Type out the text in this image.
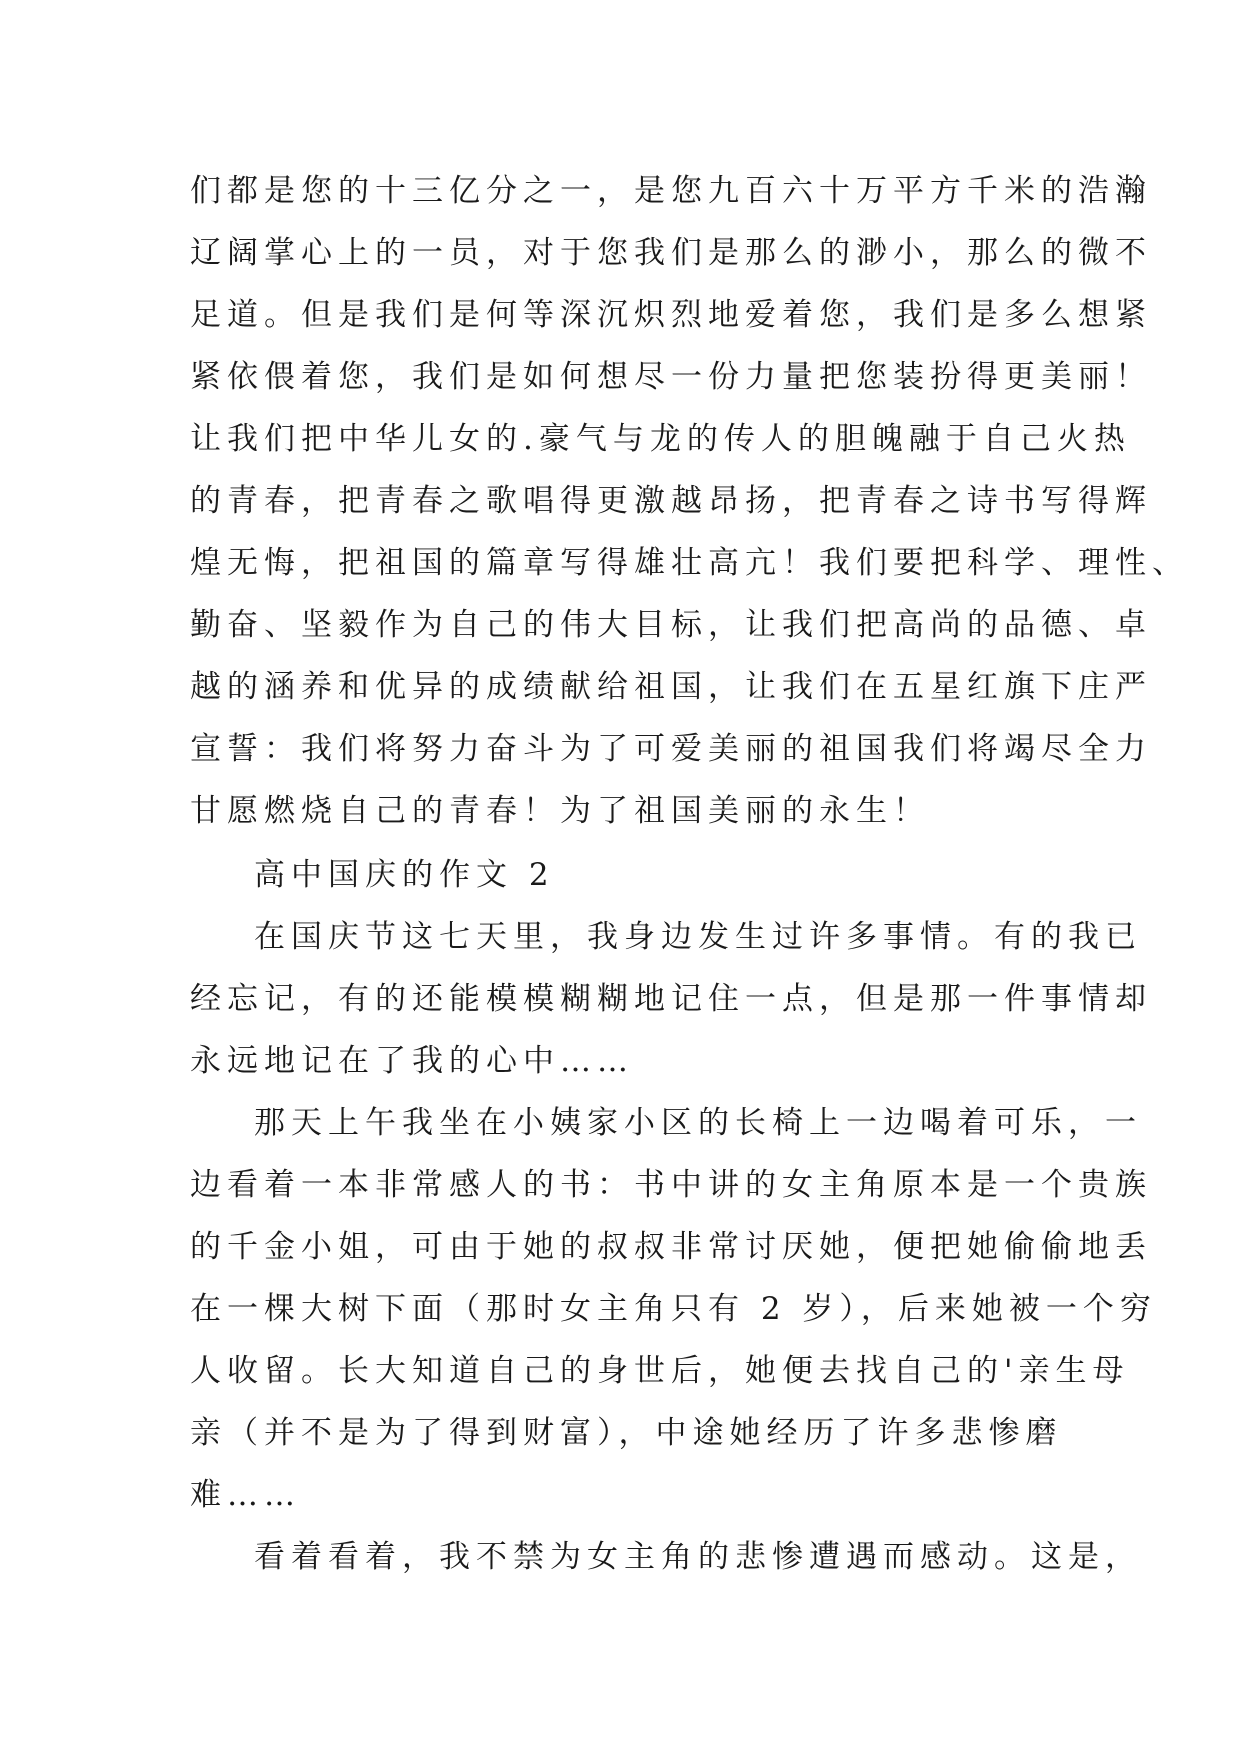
们都是您的十三亿分之一，是您九百六十万平方千米的浩瀚
辽阔掌心上的一员，对于您我们是那么的渺小，那么的微不
足道。但是我们是何等深沉炽烈地爱着您，我们是多么想紧
紧依偎着您，我们是如何想尽一份力量把您装扮得更美丽！
让我们把中华儿女的.豪气与龙的传人的胆魄融于自己火热
的青春，把青春之歌唱得更激越昂扬，把青春之诗书写得辉
煌无悔，把祖国的篇章写得雄壮高亢！我们要把科学、理性、
勤奋、坚毅作为自己的伟大目标，让我们把高尚的品德、卓
越的涵养和优异的成绩献给祖国，让我们在五星红旗下庄严
宣誓：我们将努力奋斗为了可爱美丽的祖国我们将竭尽全力
甘愿燃烧自己的青春！为了祖国美丽的永生！
高中国庆的作文 2
在国庆节这七天里，我身边发生过许多事情。有的我已
经忘记，有的还能模模糊糊地记住一点，但是那一件事情却
永远地记在了我的心中……
那天上午我坐在小姨家小区的长椅上一边喝着可乐，一
边看着一本非常感人的书：书中讲的女主角原本是一个贵族
的千金小姐，可由于她的叔叔非常讨厌她，便把她偷偷地丢
在一棵大树下面（那时女主角只有 2 岁），后来她被一个穷
人收留。长大知道自己的身世后，她便去找自己的'亲生母
亲（并不是为了得到财富），中途她经历了许多悲惨磨
难……
看着看着，我不禁为女主角的悲惨遭遇而感动。这是，
